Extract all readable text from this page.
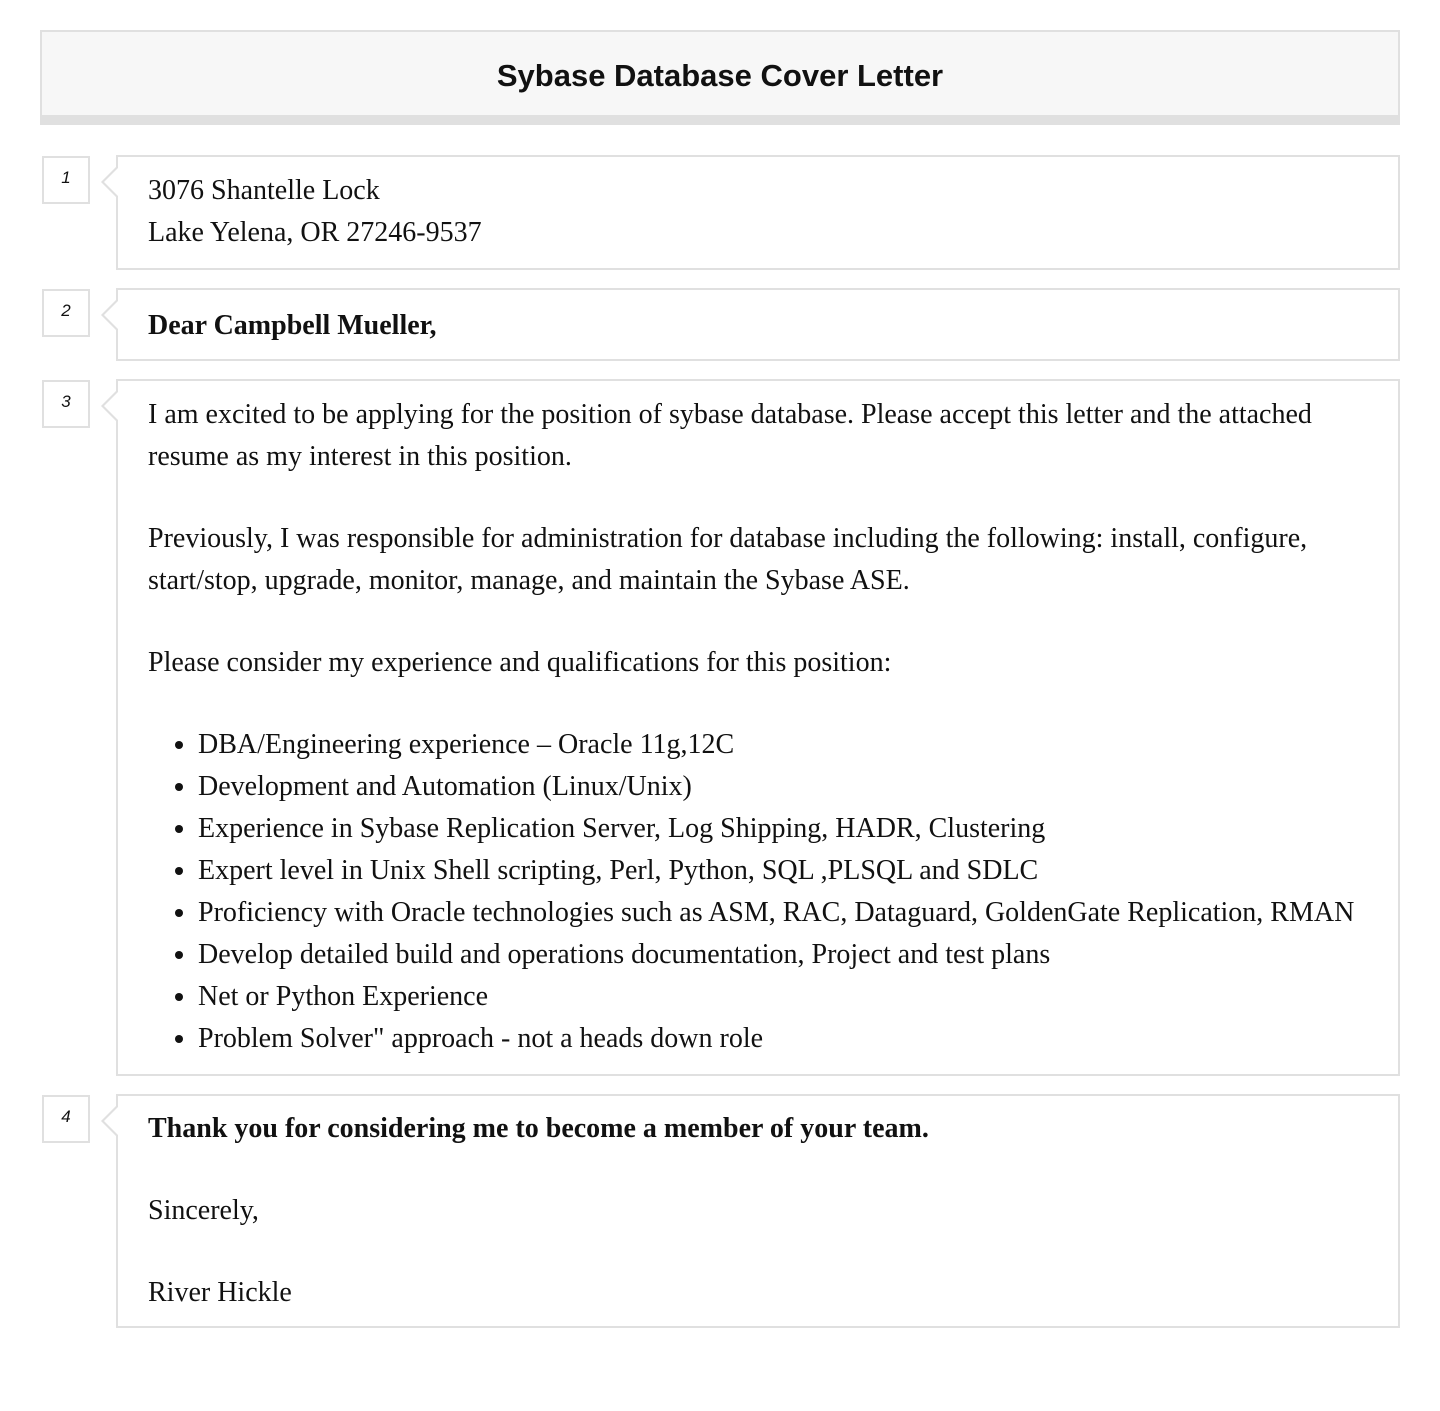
Sybase Database Cover Letter
1	3076 Shantelle Lock
Lake Yelena, OR 27246-9537
2	Dear Campbell Mueller,
3	I am excited to be applying for the position of sybase database. Please accept this letter and the attached resume as my interest in this position.

Previously, I was responsible for administration for database including the following: install, configure, start/stop, upgrade, monitor, manage, and maintain the Sybase ASE.

Please consider my experience and qualifications for this position:

• DBA/Engineering experience – Oracle 11g,12C
• Development and Automation (Linux/Unix)
• Experience in Sybase Replication Server, Log Shipping, HADR, Clustering
• Expert level in Unix Shell scripting, Perl, Python, SQL ,PLSQL and SDLC
• Proficiency with Oracle technologies such as ASM, RAC, Dataguard, GoldenGate Replication, RMAN
• Develop detailed build and operations documentation, Project and test plans
• Net or Python Experience
• Problem Solver" approach - not a heads down role
4	Thank you for considering me to become a member of your team.

Sincerely,

River Hickle
